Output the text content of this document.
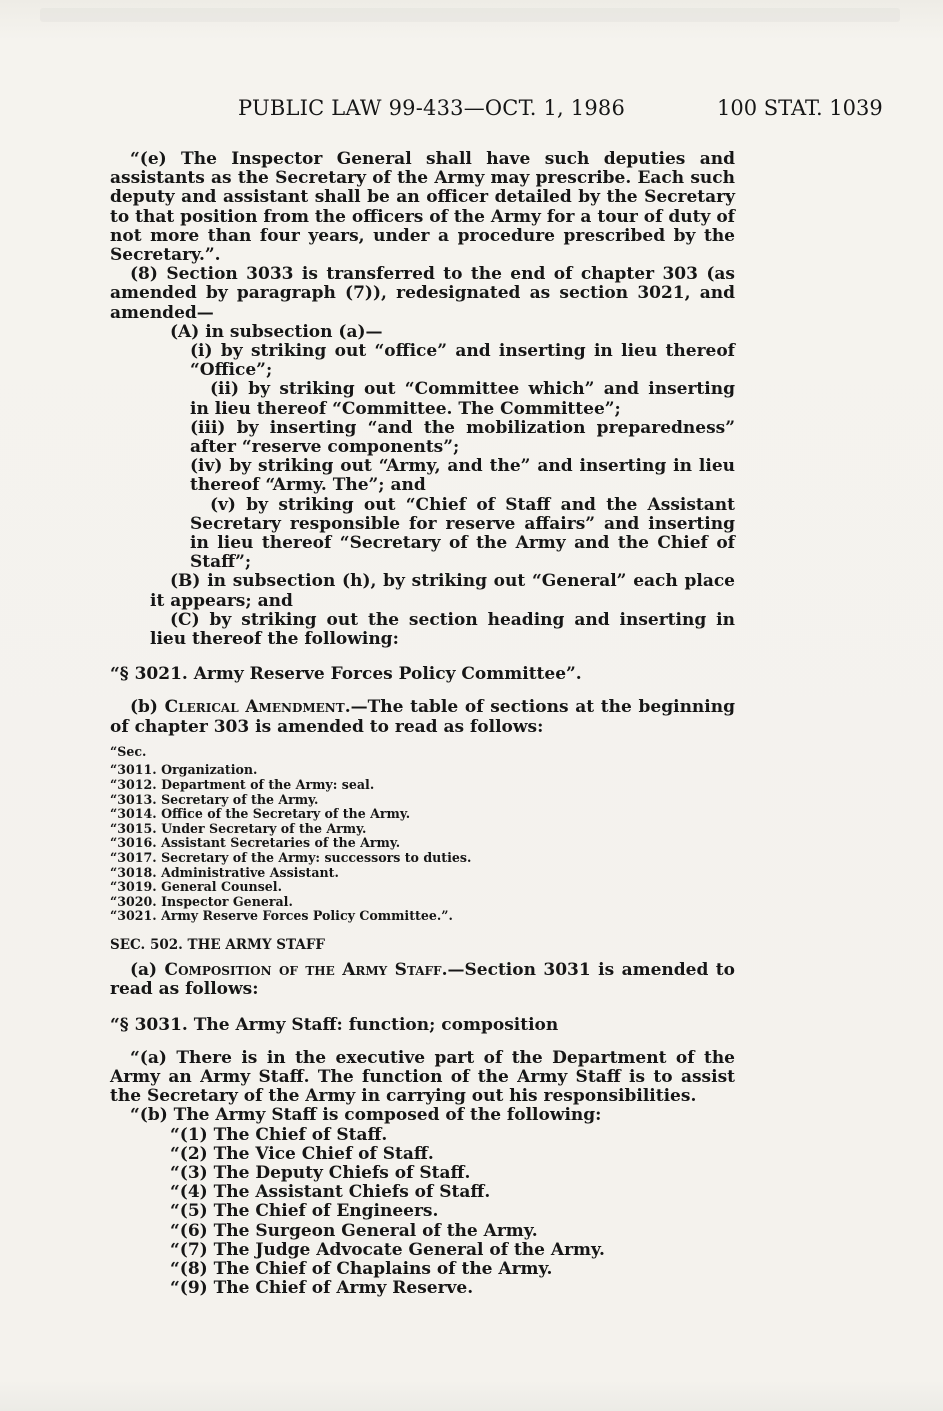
PUBLIC LAW 99-433—OCT. 1, 1986	100 STAT. 1039

“(e) The Inspector General shall have such deputies and assistants as the Secretary of the Army may prescribe. Each such deputy and assistant shall be an officer detailed by the Secretary to that position from the officers of the Army for a tour of duty of not more than four years, under a procedure prescribed by the Secretary.”.

(8) Section 3033 is transferred to the end of chapter 303 (as amended by paragraph (7)), redesignated as section 3021, and amended—

(A) in subsection (a)—

(i) by striking out “office” and inserting in lieu thereof “Office”;

(ii) by striking out “Committee which” and inserting in lieu thereof “Committee. The Committee”;

(iii) by inserting “and the mobilization preparedness” after “reserve components”;

(iv) by striking out “Army, and the” and inserting in lieu thereof “Army. The”; and

(v) by striking out “Chief of Staff and the Assistant Secretary responsible for reserve affairs” and inserting in lieu thereof “Secretary of the Army and the Chief of Staff”;

(B) in subsection (h), by striking out “General” each place it appears; and

(C) by striking out the section heading and inserting in lieu thereof the following:

“§ 3021. Army Reserve Forces Policy Committee”.

(b) Clerical Amendment.—The table of sections at the beginning of chapter 303 is amended to read as follows:

“Sec.
“3011. Organization.
“3012. Department of the Army: seal.
“3013. Secretary of the Army.
“3014. Office of the Secretary of the Army.
“3015. Under Secretary of the Army.
“3016. Assistant Secretaries of the Army.
“3017. Secretary of the Army: successors to duties.
“3018. Administrative Assistant.
“3019. General Counsel.
“3020. Inspector General.
“3021. Army Reserve Forces Policy Committee.”.

SEC. 502. THE ARMY STAFF

(a) Composition of the Army Staff.—Section 3031 is amended to read as follows:

“§ 3031. The Army Staff: function; composition

“(a) There is in the executive part of the Department of the Army an Army Staff. The function of the Army Staff is to assist the Secretary of the Army in carrying out his responsibilities.

“(b) The Army Staff is composed of the following:

“(1) The Chief of Staff.

“(2) The Vice Chief of Staff.

“(3) The Deputy Chiefs of Staff.

“(4) The Assistant Chiefs of Staff.

“(5) The Chief of Engineers.

“(6) The Surgeon General of the Army.

“(7) The Judge Advocate General of the Army.

“(8) The Chief of Chaplains of the Army.

“(9) The Chief of Army Reserve.
